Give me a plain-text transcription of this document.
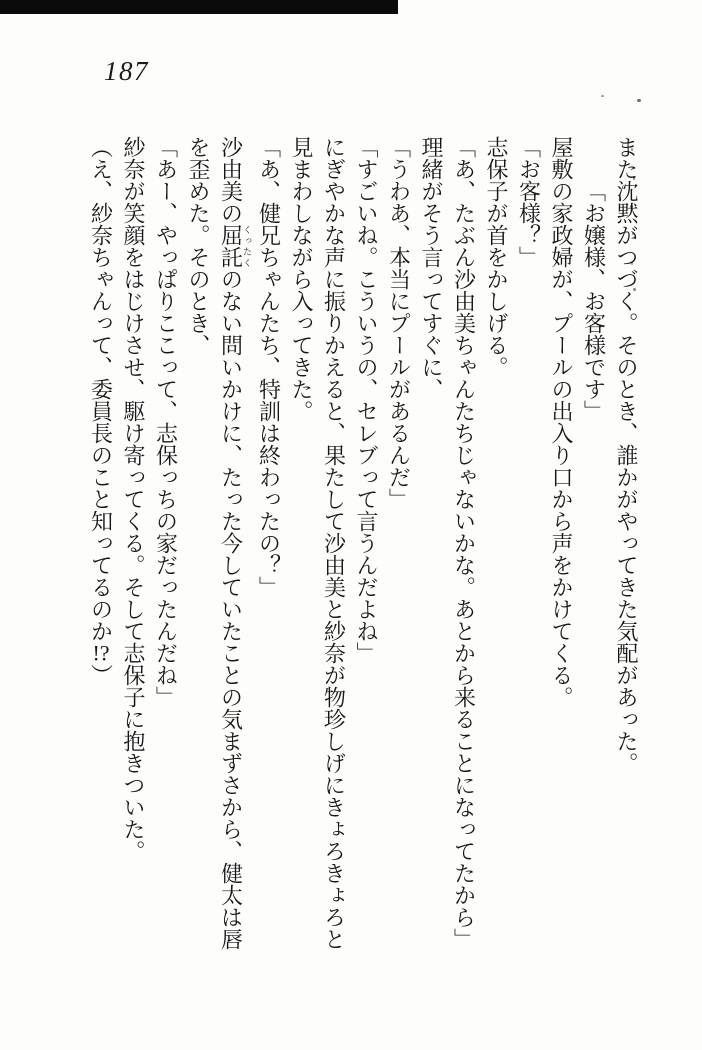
187

また沈黙がつづく。そのとき、誰かがやってきた気配があった。

「お嬢様、お客様です」

屋敷の家政婦が、プールの出入り口から声をかけてくる。

「お客様？」

志保子が首をかしげる。

「あ、たぶん沙由美ちゃんたちじゃないかな。あとから来ることになってたから」

理緒がそう言ってすぐに、

「うわあ、本当にプールがあるんだ」

「すごいね。こういうの、セレブって言うんだよね」

にぎやかな声に振りかえると、果たして沙由美と紗奈が物珍しげにきょろきょろと

見まわしながら入ってきた。

「あ、健兄ちゃんたち、特訓は終わったの？」

沙由美の屈託くったくのない問いかけに、たった今していたことの気まずさから、健太は唇

を歪めた。そのとき、

「あー、やっぱりここって、志保っちの家だったんだね」

紗奈が笑顔をはじけさせ、駆け寄ってくる。そして志保子に抱きついた。

（え、紗奈ちゃんって、委員長のこと知ってるのか!?）
